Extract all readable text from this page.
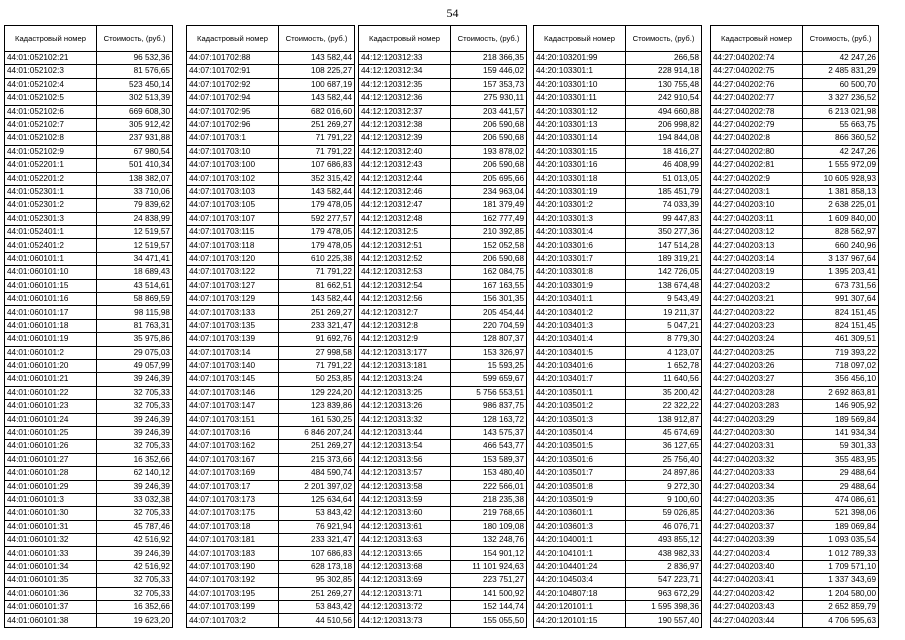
54
Кадастровый номер	Стоимость, (руб.)
44:01:052102:21	96 532,36
44:01:052102:3	81 576,65
44:01:052102:4	523 450,14
44:01:052102:5	302 513,39
44:01:052102:6	669 608,30
44:01:052102:7	305 912,42
44:01:052102:8	237 931,88
44:01:052102:9	67 980,54
44:01:052201:1	501 410,34
44:01:052201:2	138 382,07
44:01:052301:1	33 710,06
44:01:052301:2	79 839,62
44:01:052301:3	24 838,99
44:01:052401:1	12 519,57
44:01:052401:2	12 519,57
44:01:060101:1	34 471,41
44:01:060101:10	18 689,43
44:01:060101:15	43 514,61
44:01:060101:16	58 869,59
44:01:060101:17	98 115,98
44:01:060101:18	81 763,31
44:01:060101:19	35 975,86
44:01:060101:2	29 075,03
44:01:060101:20	49 057,99
44:01:060101:21	39 246,39
44:01:060101:22	32 705,33
44:01:060101:23	32 705,33
44:01:060101:24	39 246,39
44:01:060101:25	39 246,39
44:01:060101:26	32 705,33
44:01:060101:27	16 352,66
44:01:060101:28	62 140,12
44:01:060101:29	39 246,39
44:01:060101:3	33 032,38
44:01:060101:30	32 705,33
44:01:060101:31	45 787,46
44:01:060101:32	42 516,92
44:01:060101:33	39 246,39
44:01:060101:34	42 516,92
44:01:060101:35	32 705,33
44:01:060101:36	32 705,33
44:01:060101:37	16 352,66
44:01:060101:38	19 623,20
Кадастровый номер	Стоимость, (руб.)
44:07:101702:88	143 582,44
44:07:101702:91	108 225,27
44:07:101702:92	100 687,19
44:07:101702:94	143 582,44
44:07:101702:95	682 016,60
44:07:101702:96	251 269,27
44:07:101703:1	71 791,22
44:07:101703:10	71 791,22
44:07:101703:100	107 686,83
44:07:101703:102	352 315,42
44:07:101703:103	143 582,44
44:07:101703:105	179 478,05
44:07:101703:107	592 277,57
44:07:101703:115	179 478,05
44:07:101703:118	179 478,05
44:07:101703:120	610 225,38
44:07:101703:122	71 791,22
44:07:101703:127	81 662,51
44:07:101703:129	143 582,44
44:07:101703:133	251 269,27
44:07:101703:135	233 321,47
44:07:101703:139	91 692,76
44:07:101703:14	27 998,58
44:07:101703:140	71 791,22
44:07:101703:145	50 253,85
44:07:101703:146	129 224,20
44:07:101703:147	123 839,86
44:07:101703:151	161 530,25
44:07:101703:16	6 846 207,24
44:07:101703:162	251 269,27
44:07:101703:167	215 373,66
44:07:101703:169	484 590,74
44:07:101703:17	2 201 397,02
44:07:101703:173	125 634,64
44:07:101703:175	53 843,42
44:07:101703:18	76 921,94
44:07:101703:181	233 321,47
44:07:101703:183	107 686,83
44:07:101703:190	628 173,18
44:07:101703:192	95 302,85
44:07:101703:195	251 269,27
44:07:101703:199	53 843,42
44:07:101703:2	44 510,56
Кадастровый номер	Стоимость, (руб.)
44:12:120312:33	218 366,35
44:12:120312:34	159 446,02
44:12:120312:35	157 353,73
44:12:120312:36	275 930,11
44:12:120312:37	203 441,57
44:12:120312:38	206 590,68
44:12:120312:39	206 590,68
44:12:120312:40	193 878,02
44:12:120312:43	206 590,68
44:12:120312:44	205 695,66
44:12:120312:46	234 963,04
44:12:120312:47	181 379,49
44:12:120312:48	162 777,49
44:12:120312:5	210 392,85
44:12:120312:51	152 052,58
44:12:120312:52	206 590,68
44:12:120312:53	162 084,75
44:12:120312:54	167 163,55
44:12:120312:56	156 301,35
44:12:120312:7	205 454,44
44:12:120312:8	220 704,59
44:12:120312:9	128 807,37
44:12:120313:177	153 326,97
44:12:120313:181	15 593,25
44:12:120313:24	599 659,67
44:12:120313:25	5 756 553,51
44:12:120313:26	986 837,75
44:12:120313:32	128 163,72
44:12:120313:44	143 575,37
44:12:120313:54	466 543,77
44:12:120313:56	153 589,37
44:12:120313:57	153 480,40
44:12:120313:58	222 566,01
44:12:120313:59	218 235,38
44:12:120313:60	219 768,65
44:12:120313:61	180 109,08
44:12:120313:63	132 248,76
44:12:120313:65	154 901,12
44:12:120313:68	11 101 924,63
44:12:120313:69	223 751,27
44:12:120313:71	141 500,92
44:12:120313:72	152 144,74
44:12:120313:73	155 055,50
Кадастровый номер	Стоимость, (руб.)
44:20:103201:99	266,58
44:20:103301:1	228 914,18
44:20:103301:10	130 755,48
44:20:103301:11	242 910,54
44:20:103301:12	494 660,88
44:20:103301:13	206 998,82
44:20:103301:14	194 844,08
44:20:103301:15	18 416,27
44:20:103301:16	46 408,99
44:20:103301:18	51 013,05
44:20:103301:19	185 451,79
44:20:103301:2	74 033,39
44:20:103301:3	99 447,83
44:20:103301:4	350 277,36
44:20:103301:6	147 514,28
44:20:103301:7	189 319,21
44:20:103301:8	142 726,05
44:20:103301:9	138 674,48
44:20:103401:1	9 543,49
44:20:103401:2	19 211,37
44:20:103401:3	5 047,21
44:20:103401:4	8 779,30
44:20:103401:5	4 123,07
44:20:103401:6	1 652,78
44:20:103401:7	11 640,56
44:20:103501:1	35 200,42
44:20:103501:2	22 322,22
44:20:103501:3	138 912,87
44:20:103501:4	45 674,69
44:20:103501:5	36 127,65
44:20:103501:6	25 756,40
44:20:103501:7	24 897,86
44:20:103501:8	9 272,30
44:20:103501:9	9 100,60
44:20:103601:1	59 026,85
44:20:103601:3	46 076,71
44:20:104001:1	493 855,12
44:20:104101:1	438 982,33
44:20:104401:24	2 836,97
44:20:104503:4	547 223,71
44:20:104807:18	963 672,29
44:20:120101:1	1 595 398,36
44:20:120101:15	190 557,40
Кадастровый номер	Стоимость, (руб.)
44:27:040202:74	42 247,26
44:27:040202:75	2 485 831,29
44:27:040202:76	60 500,70
44:27:040202:77	3 327 236,52
44:27:040202:78	6 213 021,98
44:27:040202:79	55 663,75
44:27:040202:8	866 360,52
44:27:040202:80	42 247,26
44:27:040202:81	1 555 972,09
44:27:040202:9	10 605 928,93
44:27:040203:1	1 381 858,13
44:27:040203:10	2 638 225,01
44:27:040203:11	1 609 840,00
44:27:040203:12	828 562,97
44:27:040203:13	660 240,96
44:27:040203:14	3 137 967,64
44:27:040203:19	1 395 203,41
44:27:040203:2	673 731,56
44:27:040203:21	991 307,64
44:27:040203:22	824 151,45
44:27:040203:23	824 151,45
44:27:040203:24	461 309,51
44:27:040203:25	719 393,22
44:27:040203:26	718 097,02
44:27:040203:27	356 456,10
44:27:040203:28	2 692 863,81
44:27:040203:283	146 905,92
44:27:040203:29	189 569,84
44:27:040203:30	141 934,34
44:27:040203:31	59 301,33
44:27:040203:32	355 483,95
44:27:040203:33	29 488,64
44:27:040203:34	29 488,64
44:27:040203:35	474 086,61
44:27:040203:36	521 398,06
44:27:040203:37	189 069,84
44:27:040203:39	1 093 035,54
44:27:040203:4	1 012 789,33
44:27:040203:40	1 709 571,10
44:27:040203:41	1 337 343,69
44:27:040203:42	1 204 580,00
44:27:040203:43	2 652 859,79
44:27:040203:44	4 706 595,63
